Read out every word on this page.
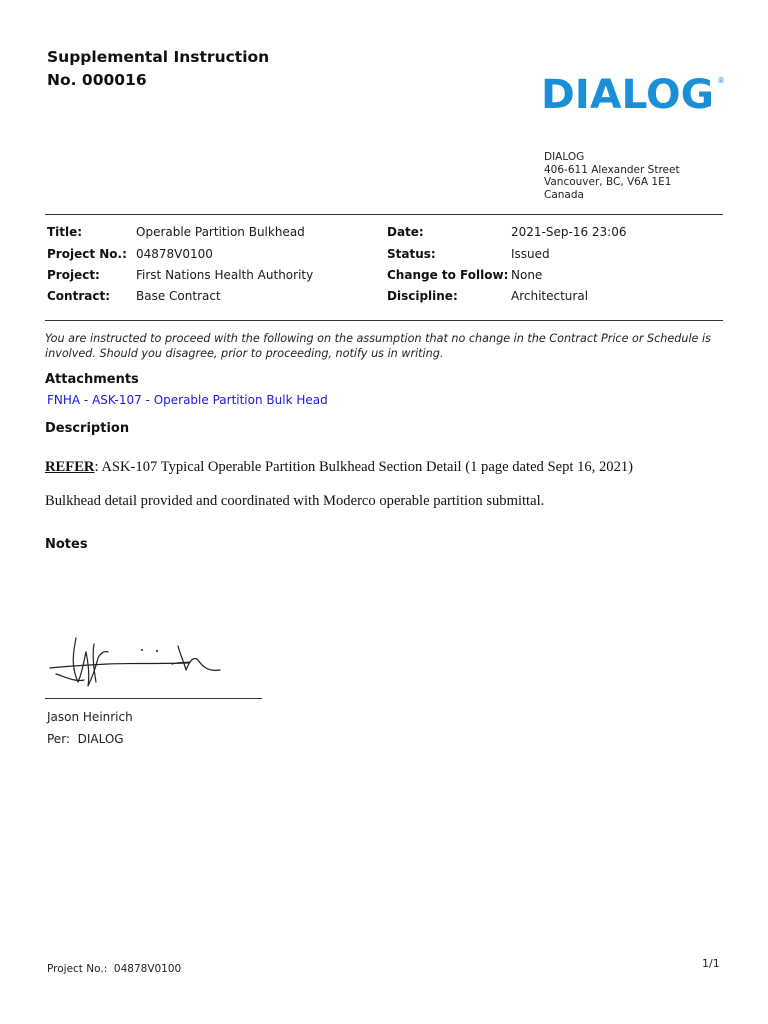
Supplemental Instruction
No. 000016	DIALOG ®
DIALOG
406-611 Alexander Street
Vancouver, BC, V6A 1E1
Canada
Title:	Operable Partition Bulkhead	Date:	2021-Sep-16 23:06
Project No.: 04878V0100	Status:	Issued
Project:	First Nations Health Authority	Change to Follow: None
Contract: Base Contract	Discipline:	Architectural
You are instructed to proceed with the following on the assumption that no change in the Contract Price or Schedule is
involved. Should you disagree, prior to proceeding, notify us in writing.
Attachments
FNHA - ASK-107 - Operable Partition Bulk Head
Description
REFER: ASK-107 Typical Operable Partition Bulkhead Section Detail (1 page dated Sept 16, 2021)
Bulkhead detail provided and coordinated with Moderco operable partition submittal.
Notes
Jason Heinrich
Per: DIALOG
Project No.: 04878V0100	1/1
